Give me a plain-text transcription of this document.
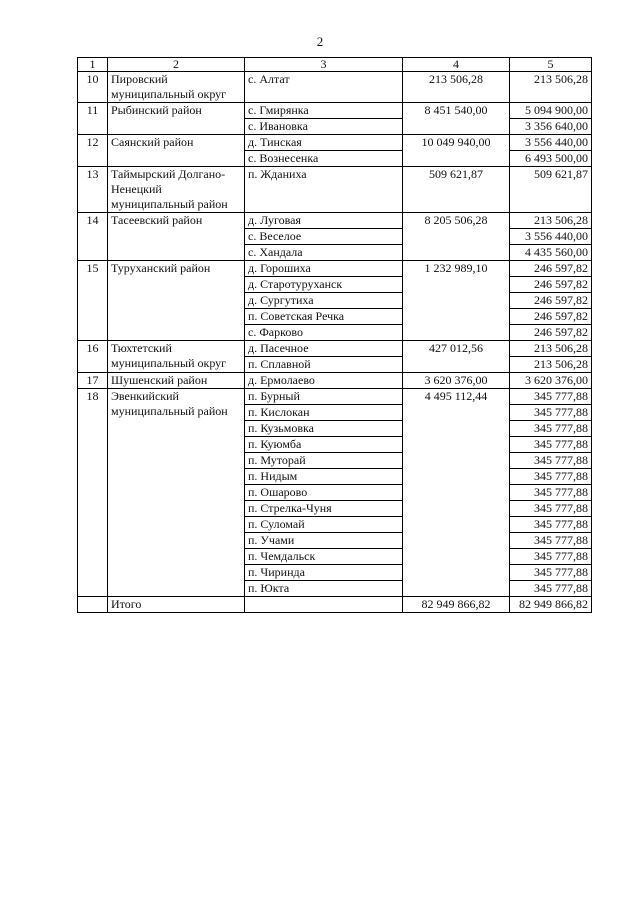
2
1	2	3	4	5
10	Пировский муниципальный округ	с. Алтат	213 506,28	213 506,28
11	Рыбинский район	с. Гмирянка	8 451 540,00	5 094 900,00
		с. Ивановка		3 356 640,00
12	Саянский район	д. Тинская	10 049 940,00	3 556 440,00
		с. Вознесенка		6 493 500,00
13	Таймырский Долгано-Ненецкий муниципальный район	п. Жданиха	509 621,87	509 621,87
14	Тасеевский район	д. Луговая	8 205 506,28	213 506,28
		с. Веселое		3 556 440,00
		с. Хандала		4 435 560,00
15	Туруханский район	д. Горошиха	1 232 989,10	246 597,82
		д. Старотуруханск		246 597,82
		д. Сургутиха		246 597,82
		п. Советская Речка		246 597,82
		с. Фарково		246 597,82
16	Тюхтетский муниципальный округ	д. Пасечное	427 012,56	213 506,28
		п. Сплавной		213 506,28
17	Шушенский район	д. Ермолаево	3 620 376,00	3 620 376,00
18	Эвенкийский муниципальный район	п. Бурный	4 495 112,44	345 777,88
		п. Кислокан		345 777,88
		п. Кузьмовка		345 777,88
		п. Куюмба		345 777,88
		п. Муторай		345 777,88
		п. Нидым		345 777,88
		п. Ошарово		345 777,88
		п. Стрелка-Чуня		345 777,88
		п. Суломай		345 777,88
		п. Учами		345 777,88
		п. Чемдальск		345 777,88
		п. Чиринда		345 777,88
		п. Юкта		345 777,88
	Итого		82 949 866,82	82 949 866,82
